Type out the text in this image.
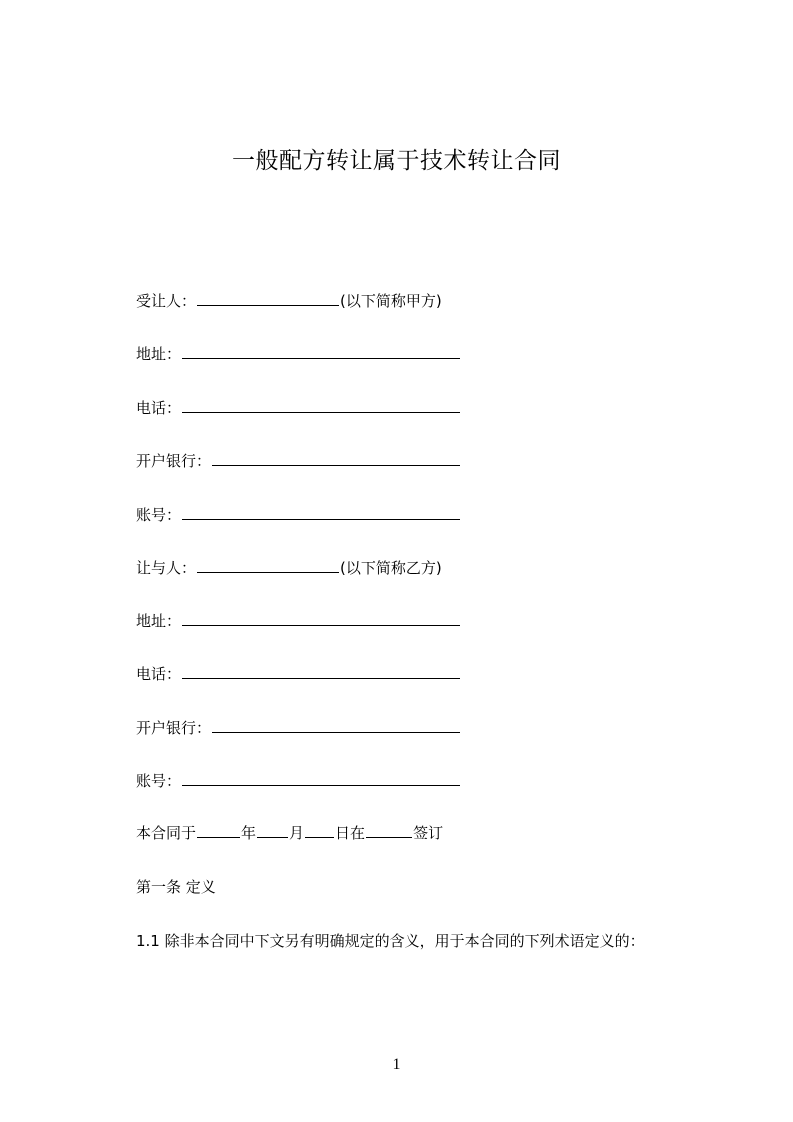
一般配方转让属于技术转让合同
受让人：	(以下简称甲方)
地址：
电话：
开户银行：
账号：
让与人：	(以下简称乙方)
地址：
电话：
开户银行：
账号：
本合同于	年 月 日在	签订
第一条 定义
1.1 除非本合同中下文另有明确规定的含义，用于本合同的下列术语定义的：
1
